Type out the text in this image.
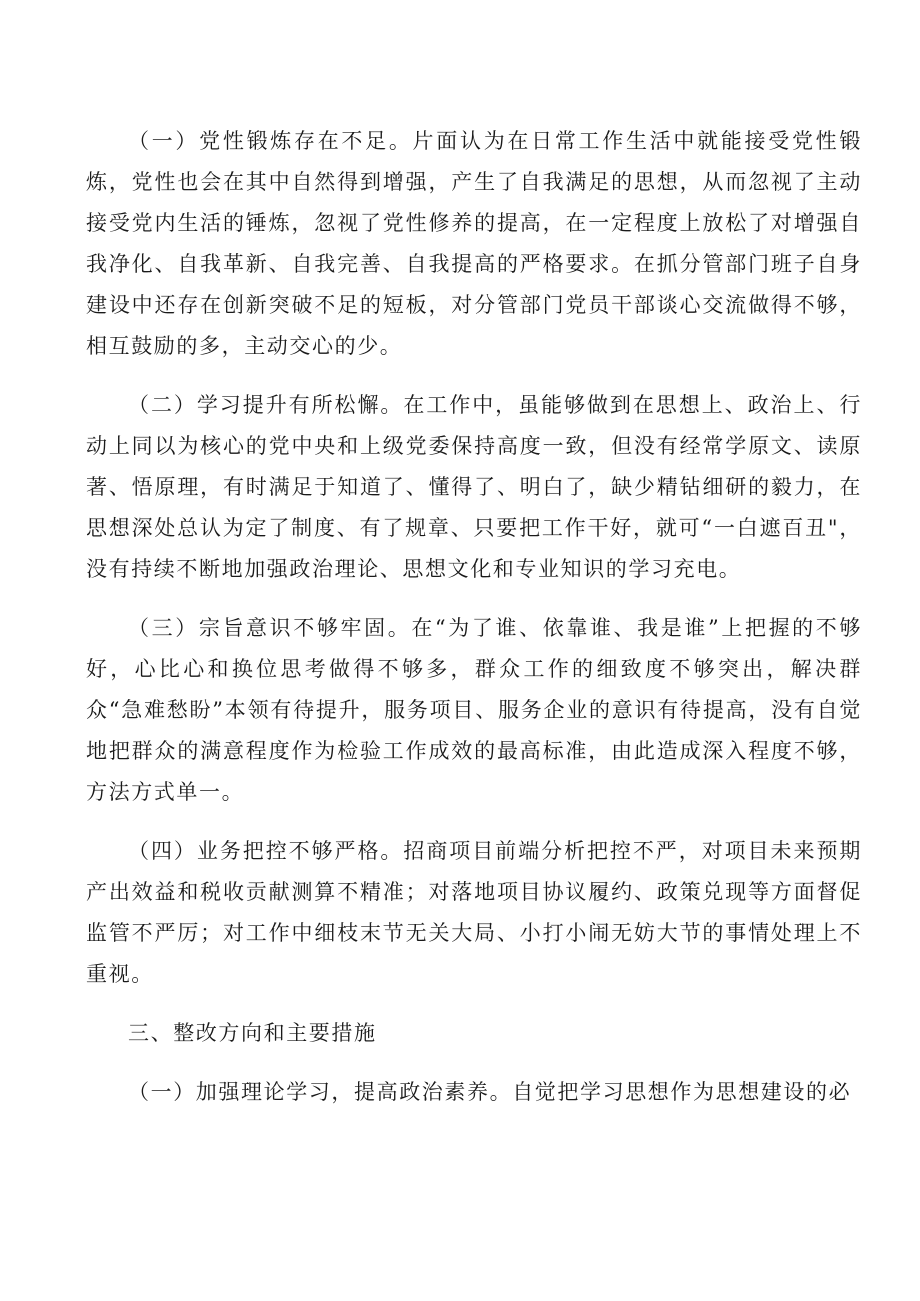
（一）党性锻炼存在不足。片面认为在日常工作生活中就能接受党性锻炼，党性也会在其中自然得到增强，产生了自我满足的思想，从而忽视了主动接受党内生活的锤炼，忽视了党性修养的提高，在一定程度上放松了对增强自我净化、自我革新、自我完善、自我提高的严格要求。在抓分管部门班子自身建设中还存在创新突破不足的短板，对分管部门党员干部谈心交流做得不够，相互鼓励的多，主动交心的少。

（二）学习提升有所松懈。在工作中，虽能够做到在思想上、政治上、行动上同以为核心的党中央和上级党委保持高度一致，但没有经常学原文、读原著、悟原理，有时满足于知道了、懂得了、明白了，缺少精钻细研的毅力，在思想深处总认为定了制度、有了规章、只要把工作干好，就可“一白遮百丑"，没有持续不断地加强政治理论、思想文化和专业知识的学习充电。

（三）宗旨意识不够牢固。在“为了谁、依靠谁、我是谁”上把握的不够好，心比心和换位思考做得不够多，群众工作的细致度不够突出，解决群众“急难愁盼”本领有待提升，服务项目、服务企业的意识有待提高，没有自觉地把群众的满意程度作为检验工作成效的最高标准，由此造成深入程度不够，方法方式单一。

（四）业务把控不够严格。招商项目前端分析把控不严，对项目未来预期产出效益和税收贡献测算不精准；对落地项目协议履约、政策兑现等方面督促监管不严厉；对工作中细枝末节无关大局、小打小闹无妨大节的事情处理上不重视。

三、整改方向和主要措施

（一）加强理论学习，提高政治素养。自觉把学习思想作为思想建设的必
